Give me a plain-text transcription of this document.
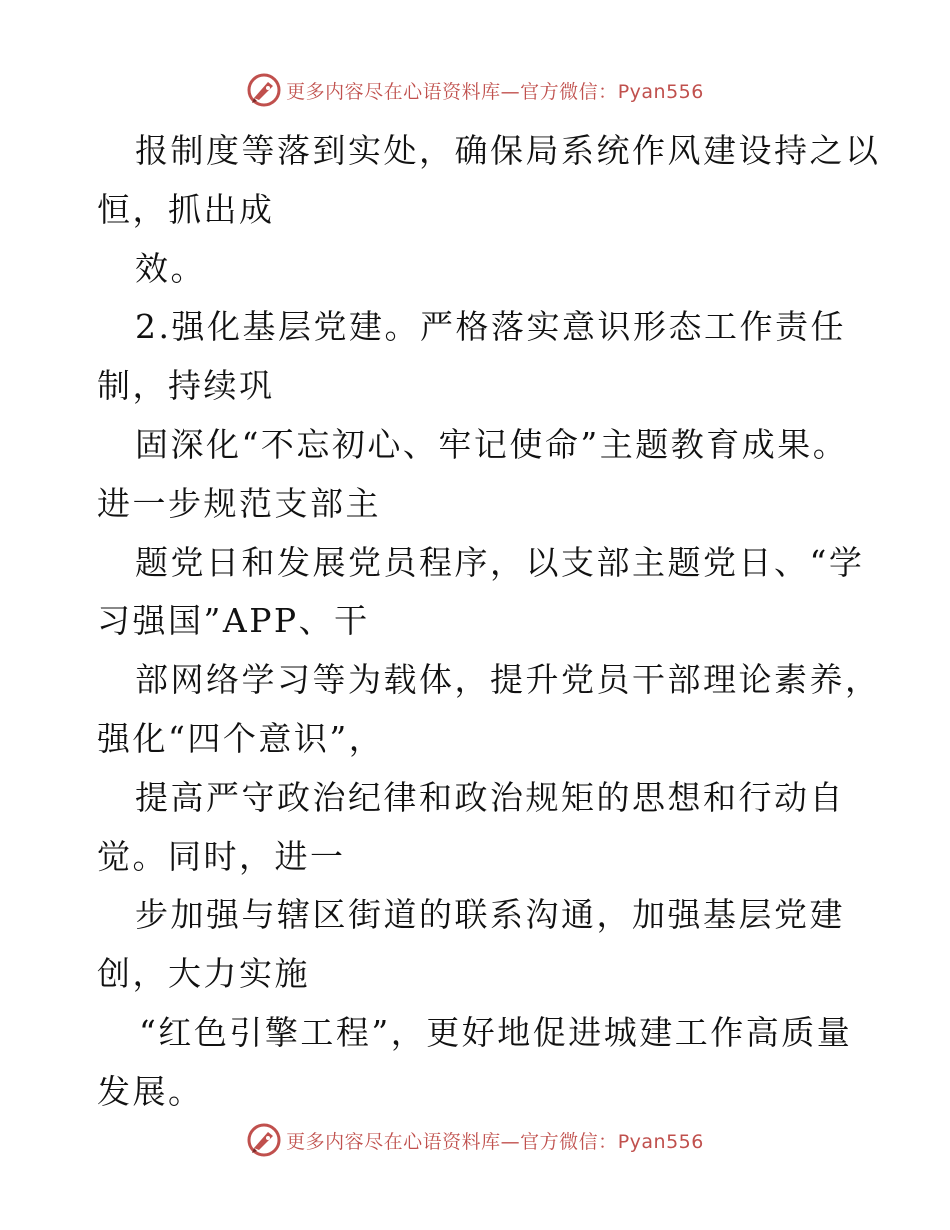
更多内容尽在心语资料库—官方微信：Pyan556
报制度等落到实处，确保局系统作风建设持之以
恒，抓出成
效。
2.强化基层党建。严格落实意识形态工作责任
制，持续巩
固深化“不忘初心、牢记使命”主题教育成果。
进一步规范支部主
题党日和发展党员程序，以支部主题党日、“学
习强国”APP、干
部网络学习等为载体，提升党员干部理论素养，
强化“四个意识”，
提高严守政治纪律和政治规矩的思想和行动自
觉。同时，进一
步加强与辖区街道的联系沟通，加强基层党建
创，大力实施
“红色引擎工程”，更好地促进城建工作高质量
发展。
更多内容尽在心语资料库—官方微信：Pyan556
